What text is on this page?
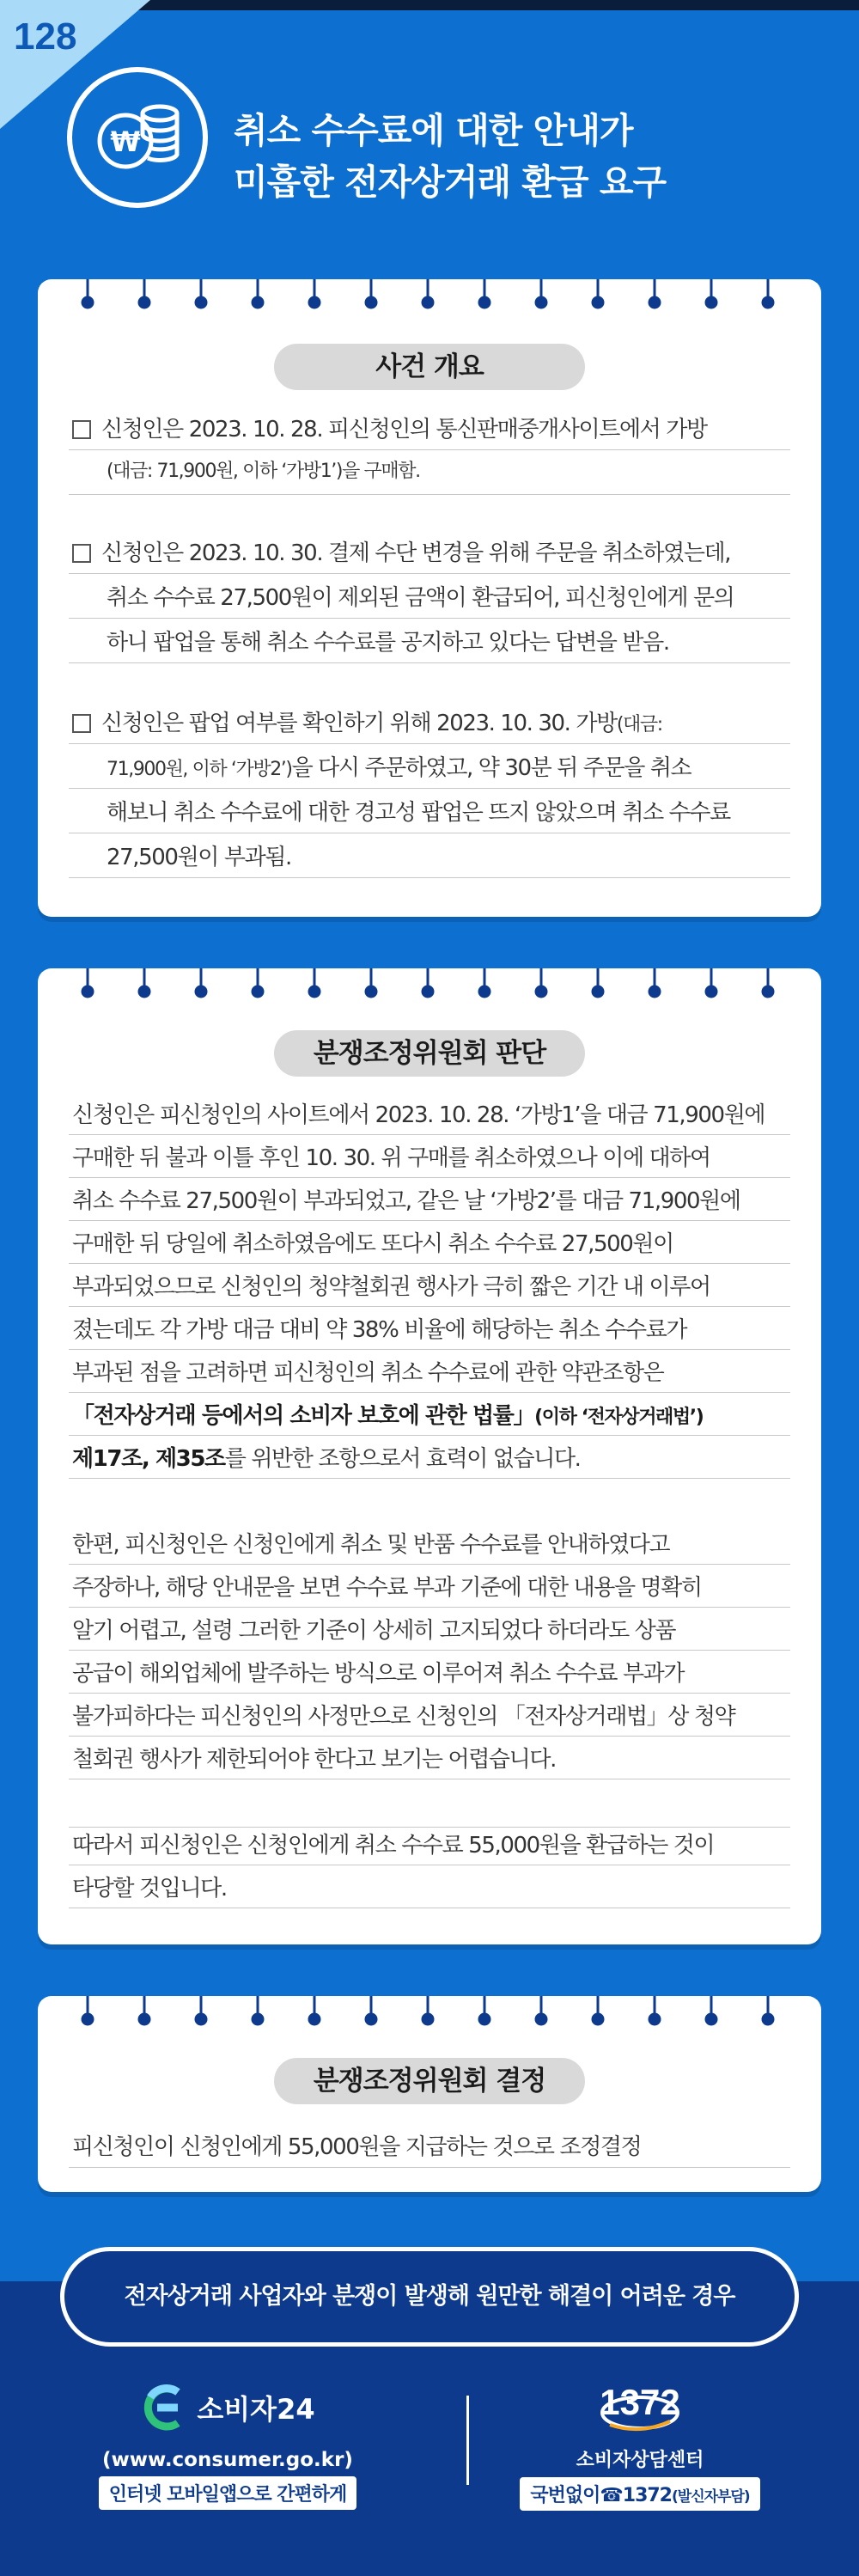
128
₩	취소 수수료에 대한 안내가
미흡한 전자상거래 환급 요구
사건 개요
신청인은 2023. 10. 28. 피신청인의 통신판매중개사이트에서 가방
(대금: 71,900원, 이하 ‘가방1’)을 구매함.
신청인은 2023. 10. 30. 결제 수단 변경을 위해 주문을 취소하였는데,
취소 수수료 27,500원이 제외된 금액이 환급되어, 피신청인에게 문의
하니 팝업을 통해 취소 수수료를 공지하고 있다는 답변을 받음.
신청인은 팝업 여부를 확인하기 위해 2023. 10. 30. 가방(대금:
71,900원, 이하 ‘가방2’)을 다시 주문하였고, 약 30분 뒤 주문을 취소
해보니 취소 수수료에 대한 경고성 팝업은 뜨지 않았으며 취소 수수료
27,500원이 부과됨.
분쟁조정위원회 판단
신청인은 피신청인의 사이트에서 2023. 10. 28. ‘가방1’을 대금 71,900원에
구매한 뒤 불과 이틀 후인 10. 30. 위 구매를 취소하였으나 이에 대하여
취소 수수료 27,500원이 부과되었고, 같은 날 ‘가방2’를 대금 71,900원에
구매한 뒤 당일에 취소하였음에도 또다시 취소 수수료 27,500원이
부과되었으므로 신청인의 청약철회권 행사가 극히 짧은 기간 내 이루어
졌는데도 각 가방 대금 대비 약 38% 비율에 해당하는 취소 수수료가
부과된 점을 고려하면 피신청인의 취소 수수료에 관한 약관조항은
「전자상거래 등에서의 소비자 보호에 관한 법률」(이하 ‘전자상거래법’)
제17조, 제35조를 위반한 조항으로서 효력이 없습니다.
한편, 피신청인은 신청인에게 취소 및 반품 수수료를 안내하였다고
주장하나, 해당 안내문을 보면 수수료 부과 기준에 대한 내용을 명확히
알기 어렵고, 설령 그러한 기준이 상세히 고지되었다 하더라도 상품
공급이 해외업체에 발주하는 방식으로 이루어져 취소 수수료 부과가
불가피하다는 피신청인의 사정만으로 신청인의 「전자상거래법」상 청약
철회권 행사가 제한되어야 한다고 보기는 어렵습니다.
따라서 피신청인은 신청인에게 취소 수수료 55,000원을 환급하는 것이
타당할 것입니다.
분쟁조정위원회 결정
피신청인이 신청인에게 55,000원을 지급하는 것으로 조정결정
전자상거래 사업자와 분쟁이 발생해 원만한 해결이 어려운 경우
소비자24
(www.consumer.go.kr)
인터넷 모바일앱으로 간편하게
1372
소비자상담센터
국번없이☎1372(발신자부담)
